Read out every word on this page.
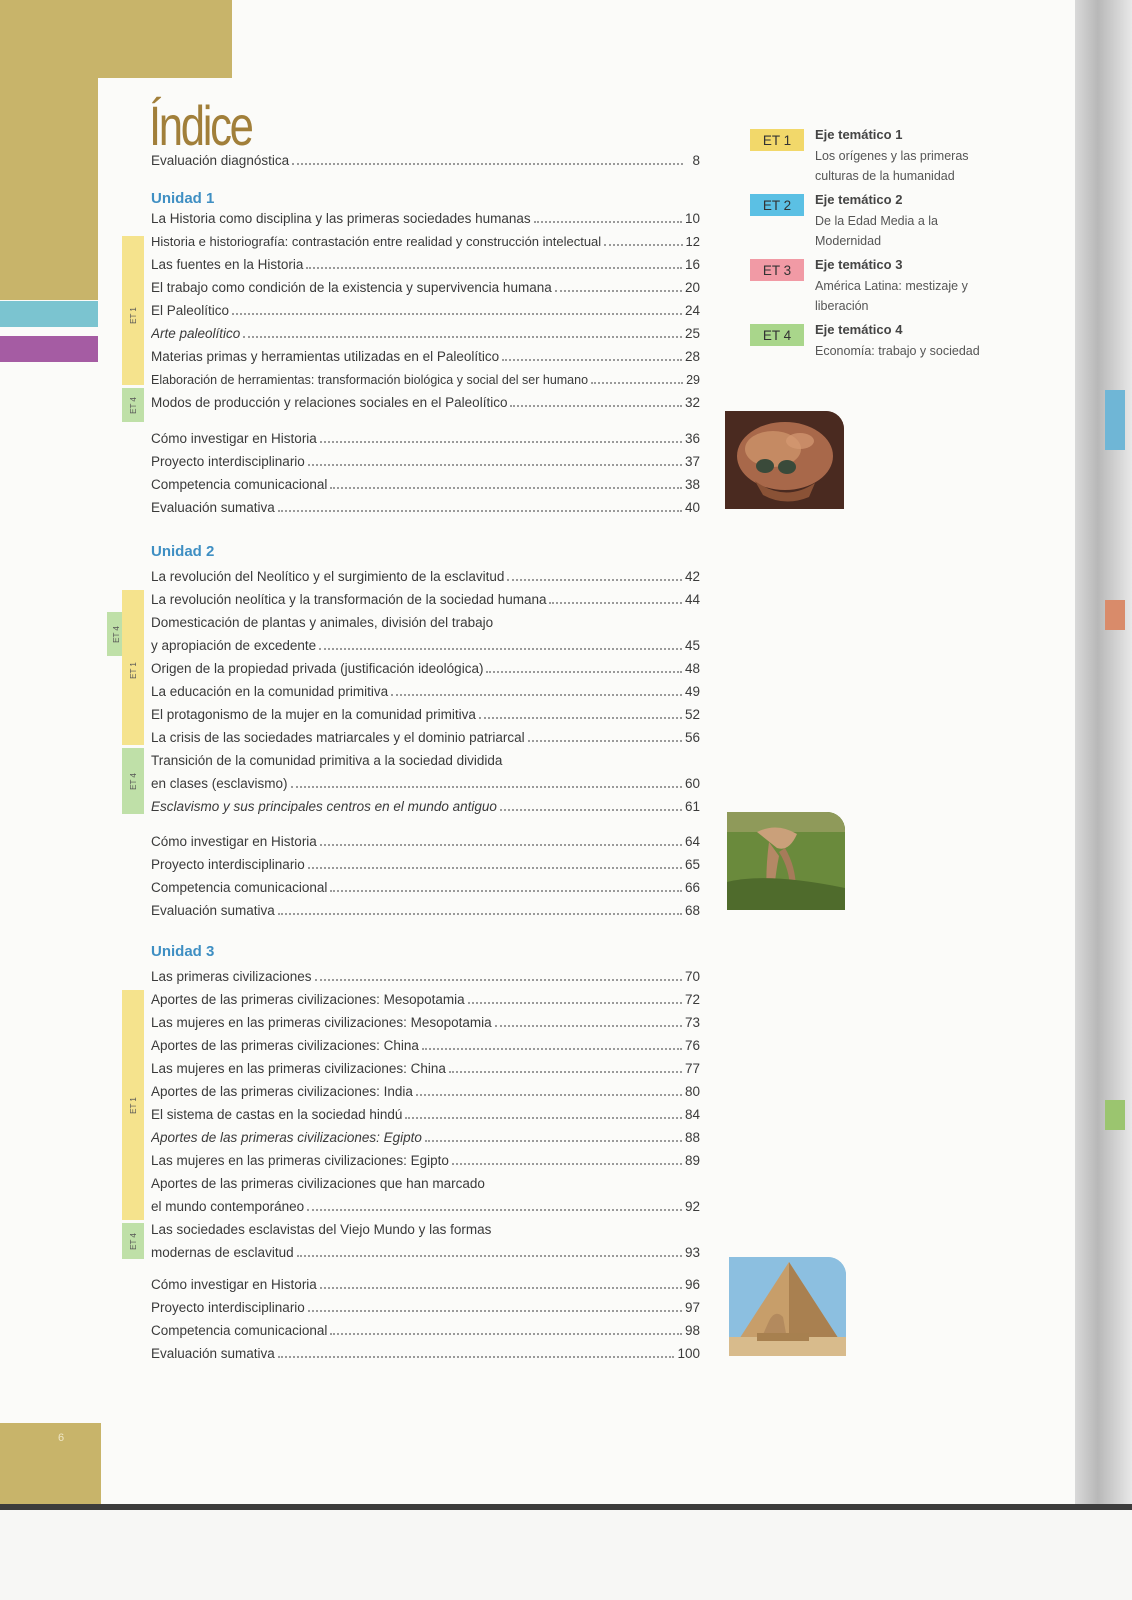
6
Índice
Evaluación diagnóstica	8
Unidad 1
ET 1
ET 4
La Historia como disciplina y las primeras sociedades humanas	10
Historia e historiografía: contrastación entre realidad y construcción intelectual	12
Las fuentes en la Historia	16
El trabajo como condición de la existencia y supervivencia humana	20
El Paleolítico	24
Arte paleolítico	25
Materias primas y herramientas utilizadas en el Paleolítico	28
Elaboración de herramientas: transformación biológica y social del ser humano	29
Modos de producción y relaciones sociales en el Paleolítico	32
Cómo investigar en Historia	36
Proyecto interdisciplinario	37
Competencia comunicacional	38
Evaluación sumativa	40
Unidad 2
ET 4
ET 1
ET 4
La revolución del Neolítico y el surgimiento de la esclavitud	42
La revolución neolítica y la transformación de la sociedad humana	44
Domesticación de plantas y animales, división del trabajo
y apropiación de excedente	45
Origen de la propiedad privada (justificación ideológica)	48
La educación en la comunidad primitiva	49
El protagonismo de la mujer en la comunidad primitiva	52
La crisis de las sociedades matriarcales y el dominio patriarcal	56
Transición de la comunidad primitiva a la sociedad dividida
en clases (esclavismo)	60
Esclavismo y sus principales centros en el mundo antiguo	61
Cómo investigar en Historia	64
Proyecto interdisciplinario	65
Competencia comunicacional	66
Evaluación sumativa	68
Unidad 3
ET 1
ET 4
Las primeras civilizaciones	70
Aportes de las primeras civilizaciones: Mesopotamia	72
Las mujeres en las primeras civilizaciones: Mesopotamia	73
Aportes de las primeras civilizaciones: China	76
Las mujeres en las primeras civilizaciones: China	77
Aportes de las primeras civilizaciones: India	80
El sistema de castas en la sociedad hindú	84
Aportes de las primeras civilizaciones: Egipto	88
Las mujeres en las primeras civilizaciones: Egipto	89
Aportes de las primeras civilizaciones que han marcado
el mundo contemporáneo	92
Las sociedades esclavistas del Viejo Mundo y las formas
modernas de esclavitud	93
Cómo investigar en Historia	96
Proyecto interdisciplinario	97
Competencia comunicacional	98
Evaluación sumativa	100
ET 1	Eje temático 1
Los orígenes y las primeras culturas de la humanidad
ET 2	Eje temático 2
De la Edad Media a la Modernidad
ET 3	Eje temático 3
América Latina: mestizaje y liberación
ET 4	Eje temático 4
Economía: trabajo y sociedad
